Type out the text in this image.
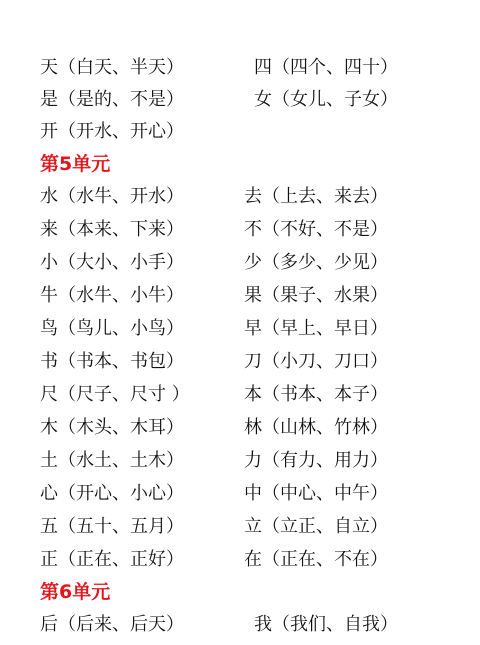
天（白天、半天）	四（四个、四十）
是（是的、不是）	女（女儿、子女）
开（开水、开心）
第5单元
水（水牛、开水）	去（上去、来去）
来（本来、下来）	不（不好、不是）
小（大小、小手）	少（多少、少见）
牛（水牛、小牛）	果（果子、水果）
鸟（鸟儿、小鸟）	早（早上、早日）
书（书本、书包）	刀（小刀、刀口）
尺（尺子、尺寸 ）	本（书本、本子）
木（木头、木耳）	林（山林、竹林）
土（水土、土木）	力（有力、用力）
心（开心、小心）	中（中心、中午）
五（五十、五月）	立（立正、自立）
正（正在、正好）	在（正在、不在）
第6单元
后（后来、后天）	我（我们、自我）
